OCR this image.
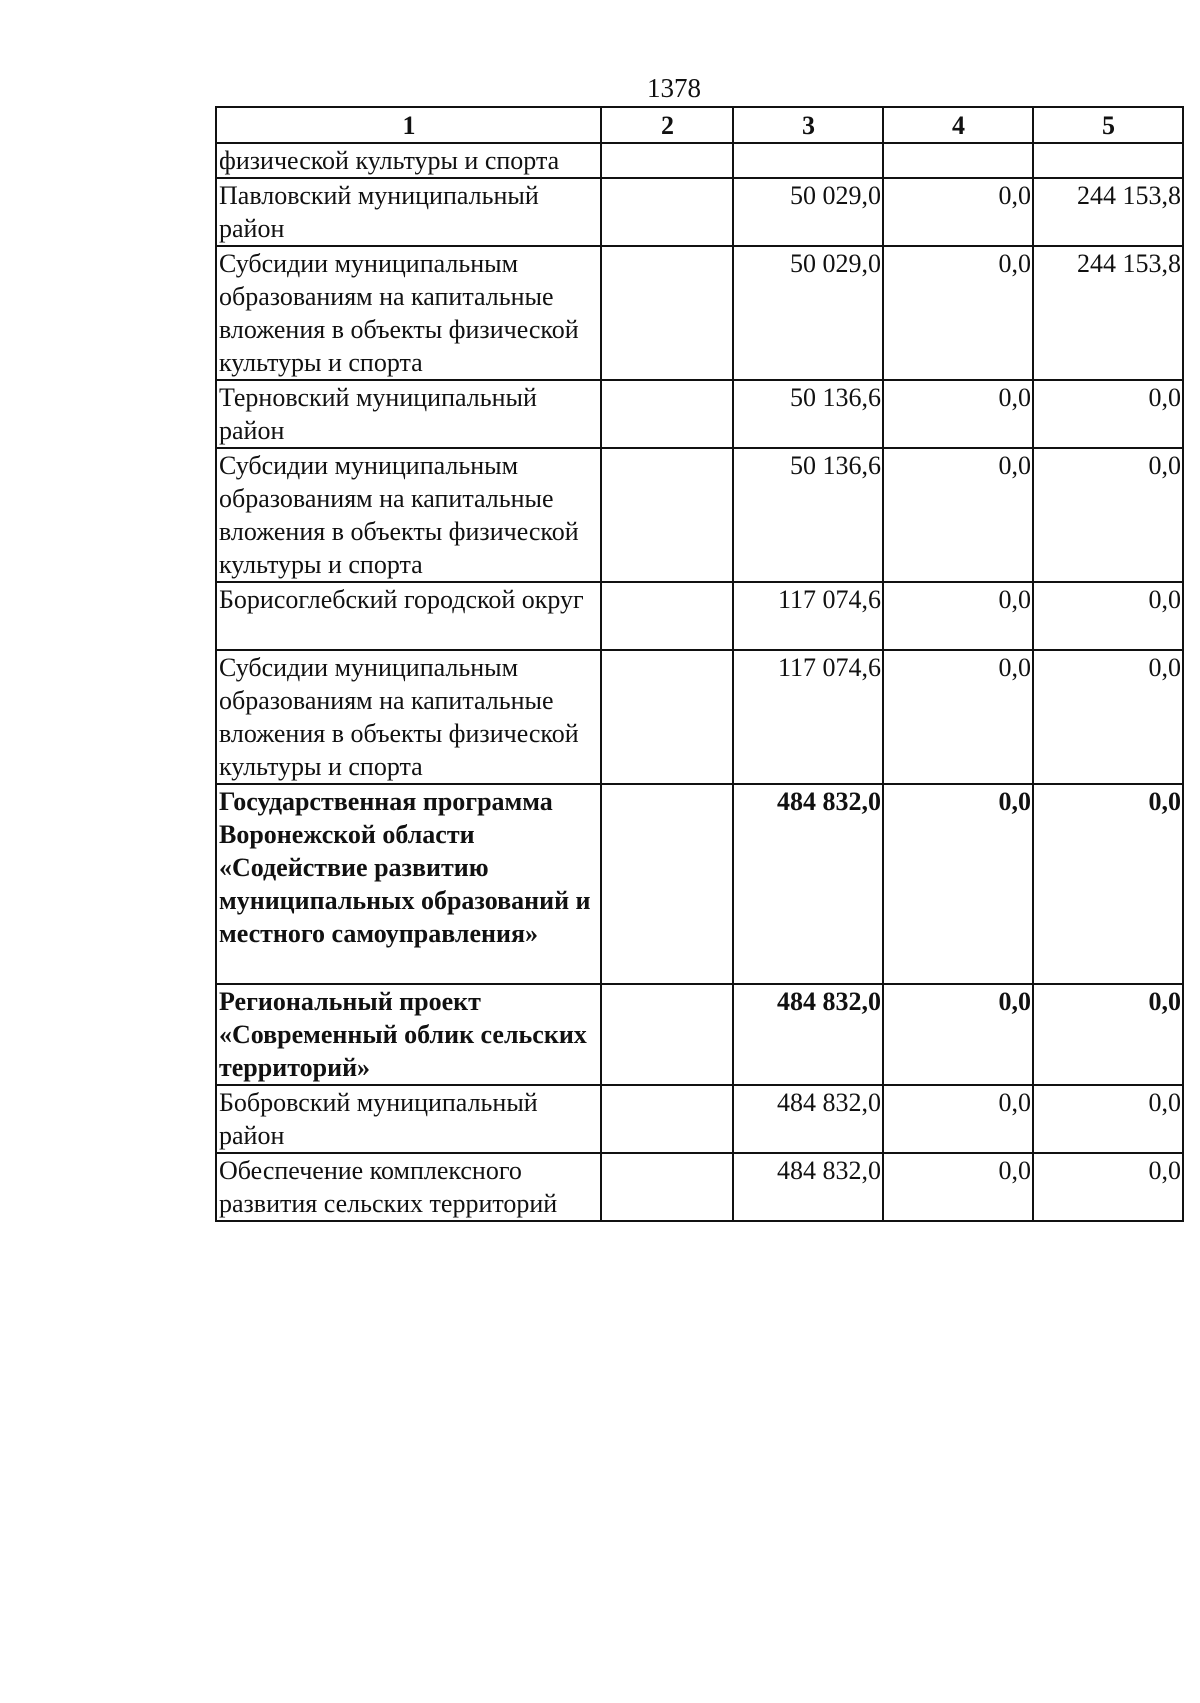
1378
1	2	3	4	5
физической культуры и спорта				
Павловский муниципальный район		50 029,0	0,0	244 153,8
Субсидии муниципальным образованиям на капитальные вложения в объекты физической культуры и спорта		50 029,0	0,0	244 153,8
Терновский муниципальный район		50 136,6	0,0	0,0
Субсидии муниципальным образованиям на капитальные вложения в объекты физической культуры и спорта		50 136,6	0,0	0,0
Борисоглебский городской округ		117 074,6	0,0	0,0
Субсидии муниципальным образованиям на капитальные вложения в объекты физической культуры и спорта		117 074,6	0,0	0,0
Государственная программа Воронежской области «Содействие развитию муниципальных образований и местного самоуправления»		484 832,0	0,0	0,0
Региональный проект «Современный облик сельских территорий»		484 832,0	0,0	0,0
Бобровский муниципальный район		484 832,0	0,0	0,0
Обеспечение комплексного развития сельских территорий		484 832,0	0,0	0,0
